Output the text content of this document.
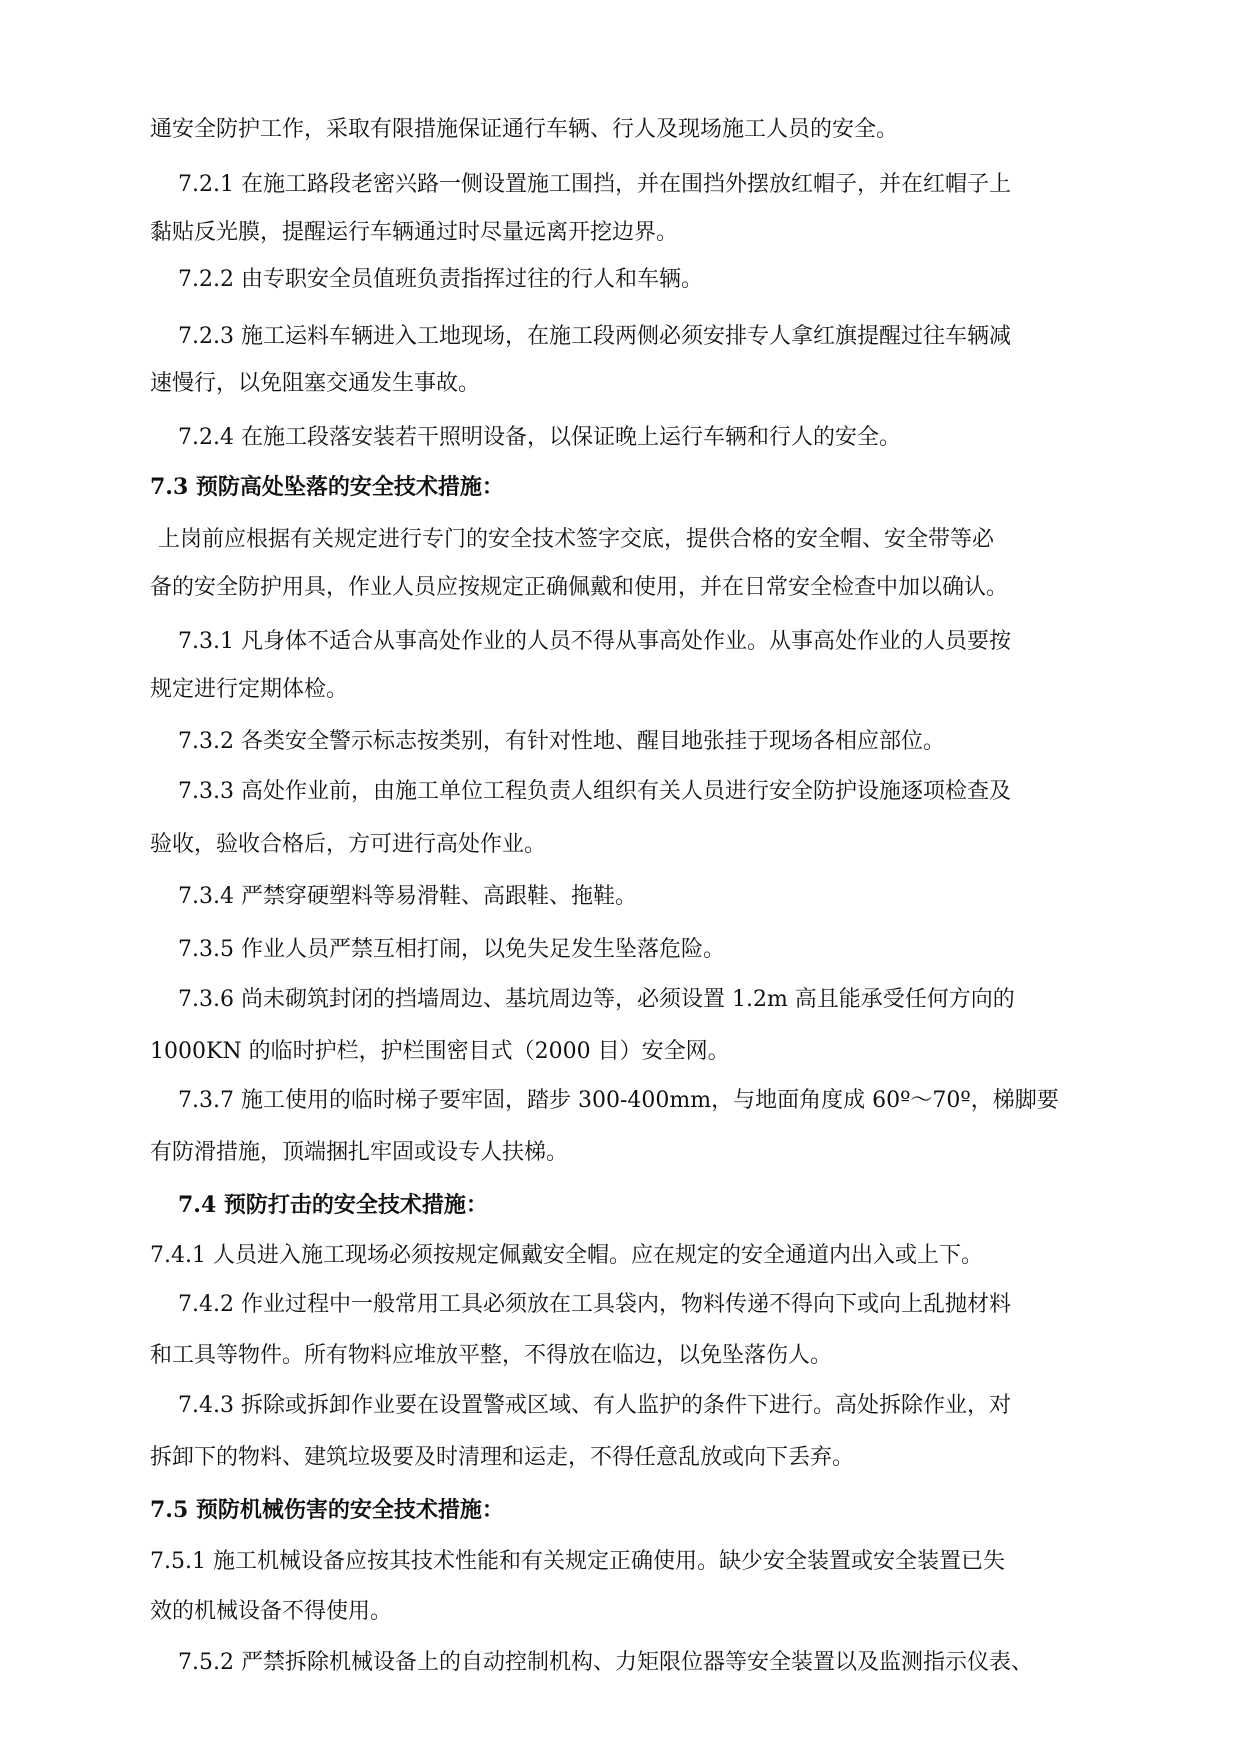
通安全防护工作，采取有限措施保证通行车辆、行人及现场施工人员的安全。
7.2.1 在施工路段老密兴路一侧设置施工围挡，并在围挡外摆放红帽子，并在红帽子上
黏贴反光膜，提醒运行车辆通过时尽量远离开挖边界。
7.2.2 由专职安全员值班负责指挥过往的行人和车辆。
7.2.3 施工运料车辆进入工地现场，在施工段两侧必须安排专人拿红旗提醒过往车辆减
速慢行，以免阻塞交通发生事故。
7.2.4 在施工段落安装若干照明设备，以保证晚上运行车辆和行人的安全。
7.3 预防高处坠落的安全技术措施：
上岗前应根据有关规定进行专门的安全技术签字交底，提供合格的安全帽、安全带等必
备的安全防护用具，作业人员应按规定正确佩戴和使用，并在日常安全检查中加以确认。
7.3.1 凡身体不适合从事高处作业的人员不得从事高处作业。从事高处作业的人员要按
规定进行定期体检。
7.3.2 各类安全警示标志按类别，有针对性地、醒目地张挂于现场各相应部位。
7.3.3 高处作业前，由施工单位工程负责人组织有关人员进行安全防护设施逐项检查及
验收，验收合格后，方可进行高处作业。
7.3.4 严禁穿硬塑料等易滑鞋、高跟鞋、拖鞋。
7.3.5 作业人员严禁互相打闹，以免失足发生坠落危险。
7.3.6 尚未砌筑封闭的挡墙周边、基坑周边等，必须设置 1.2m 高且能承受任何方向的
1000KN 的临时护栏，护栏围密目式（2000 目）安全网。
7.3.7 施工使用的临时梯子要牢固，踏步 300-400mm，与地面角度成 60º～70º，梯脚要
有防滑措施，顶端捆扎牢固或设专人扶梯。
7.4 预防打击的安全技术措施：
7.4.1 人员进入施工现场必须按规定佩戴安全帽。应在规定的安全通道内出入或上下。
7.4.2 作业过程中一般常用工具必须放在工具袋内，物料传递不得向下或向上乱抛材料
和工具等物件。所有物料应堆放平整，不得放在临边，以免坠落伤人。
7.4.3 拆除或拆卸作业要在设置警戒区域、有人监护的条件下进行。高处拆除作业，对
拆卸下的物料、建筑垃圾要及时清理和运走，不得任意乱放或向下丢弃。
7.5 预防机械伤害的安全技术措施：
7.5.1 施工机械设备应按其技术性能和有关规定正确使用。缺少安全装置或安全装置已失
效的机械设备不得使用。
7.5.2 严禁拆除机械设备上的自动控制机构、力矩限位器等安全装置以及监测指示仪表、
